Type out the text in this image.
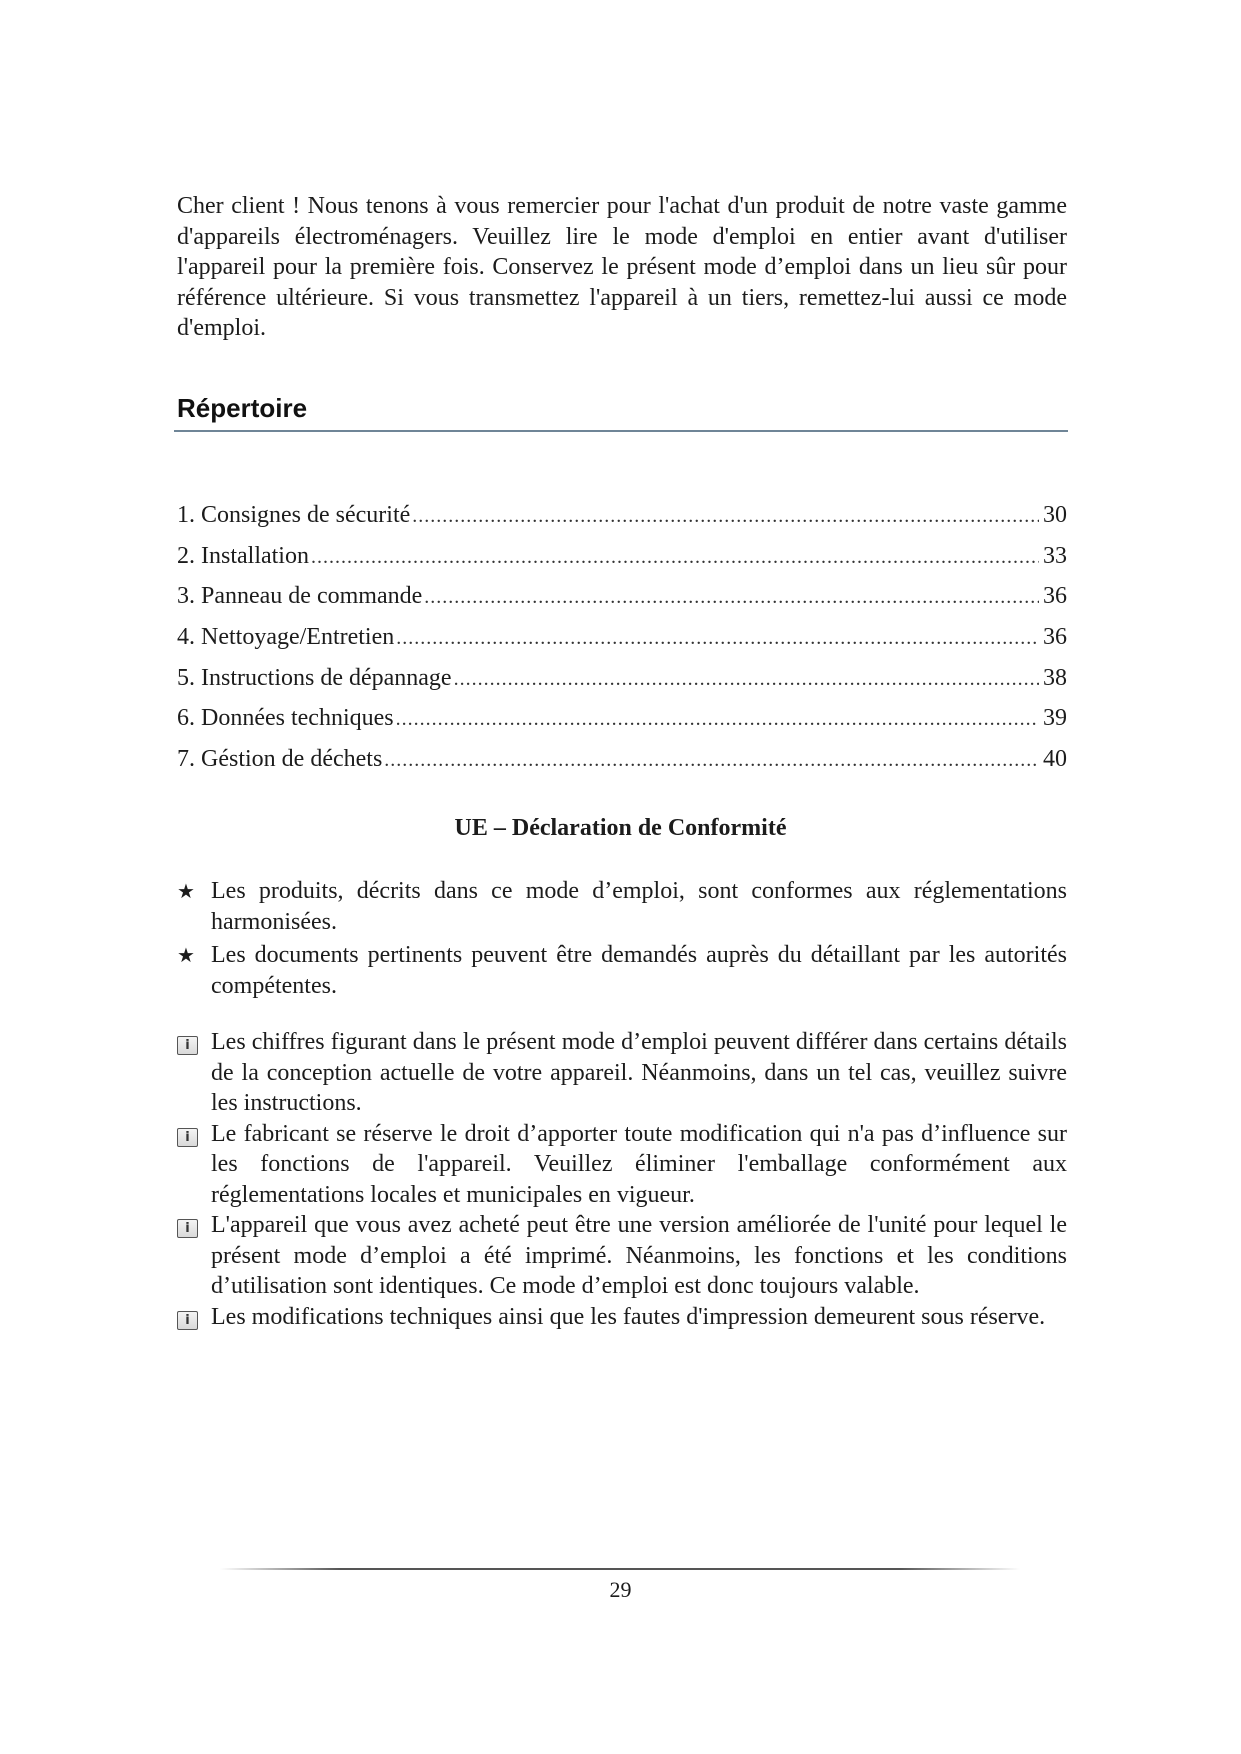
Cher client ! Nous tenons à vous remercier pour l'achat d'un produit de notre vaste gamme d'appareils électroménagers. Veuillez lire le mode d'emploi en entier avant d'utiliser l'appareil pour la première fois. Conservez le présent mode d’emploi dans un lieu sûr pour référence ultérieure. Si vous transmettez l'appareil à un tiers, remettez-lui aussi ce mode d'emploi.

Répertoire
1. Consignes de sécurité .....	30
2. Installation .....	33
3. Panneau de commande .....	36
4. Nettoyage/Entretien .....	36
5. Instructions de dépannage .....	38
6. Données techniques .....	39
7. Géstion de déchets .....	40
UE – Déclaration de Conformité
★ Les produits, décrits dans ce mode d’emploi, sont conformes aux réglementations harmonisées.
★ Les documents pertinents peuvent être demandés auprès du détaillant par les autorités compétentes.
i Les chiffres figurant dans le présent mode d’emploi peuvent différer dans certains détails de la conception actuelle de votre appareil. Néanmoins, dans un tel cas, veuillez suivre les instructions.
i Le fabricant se réserve le droit d’apporter toute modification qui n'a pas d’influence sur les fonctions de l'appareil. Veuillez éliminer l'emballage conformément aux réglementations locales et municipales en vigueur.
i L'appareil que vous avez acheté peut être une version améliorée de l'unité pour lequel le présent mode d’emploi a été imprimé. Néanmoins, les fonctions et les conditions d’utilisation sont identiques. Ce mode d’emploi est donc toujours valable.
i Les modifications techniques ainsi que les fautes d'impression demeurent sous réserve.

29
